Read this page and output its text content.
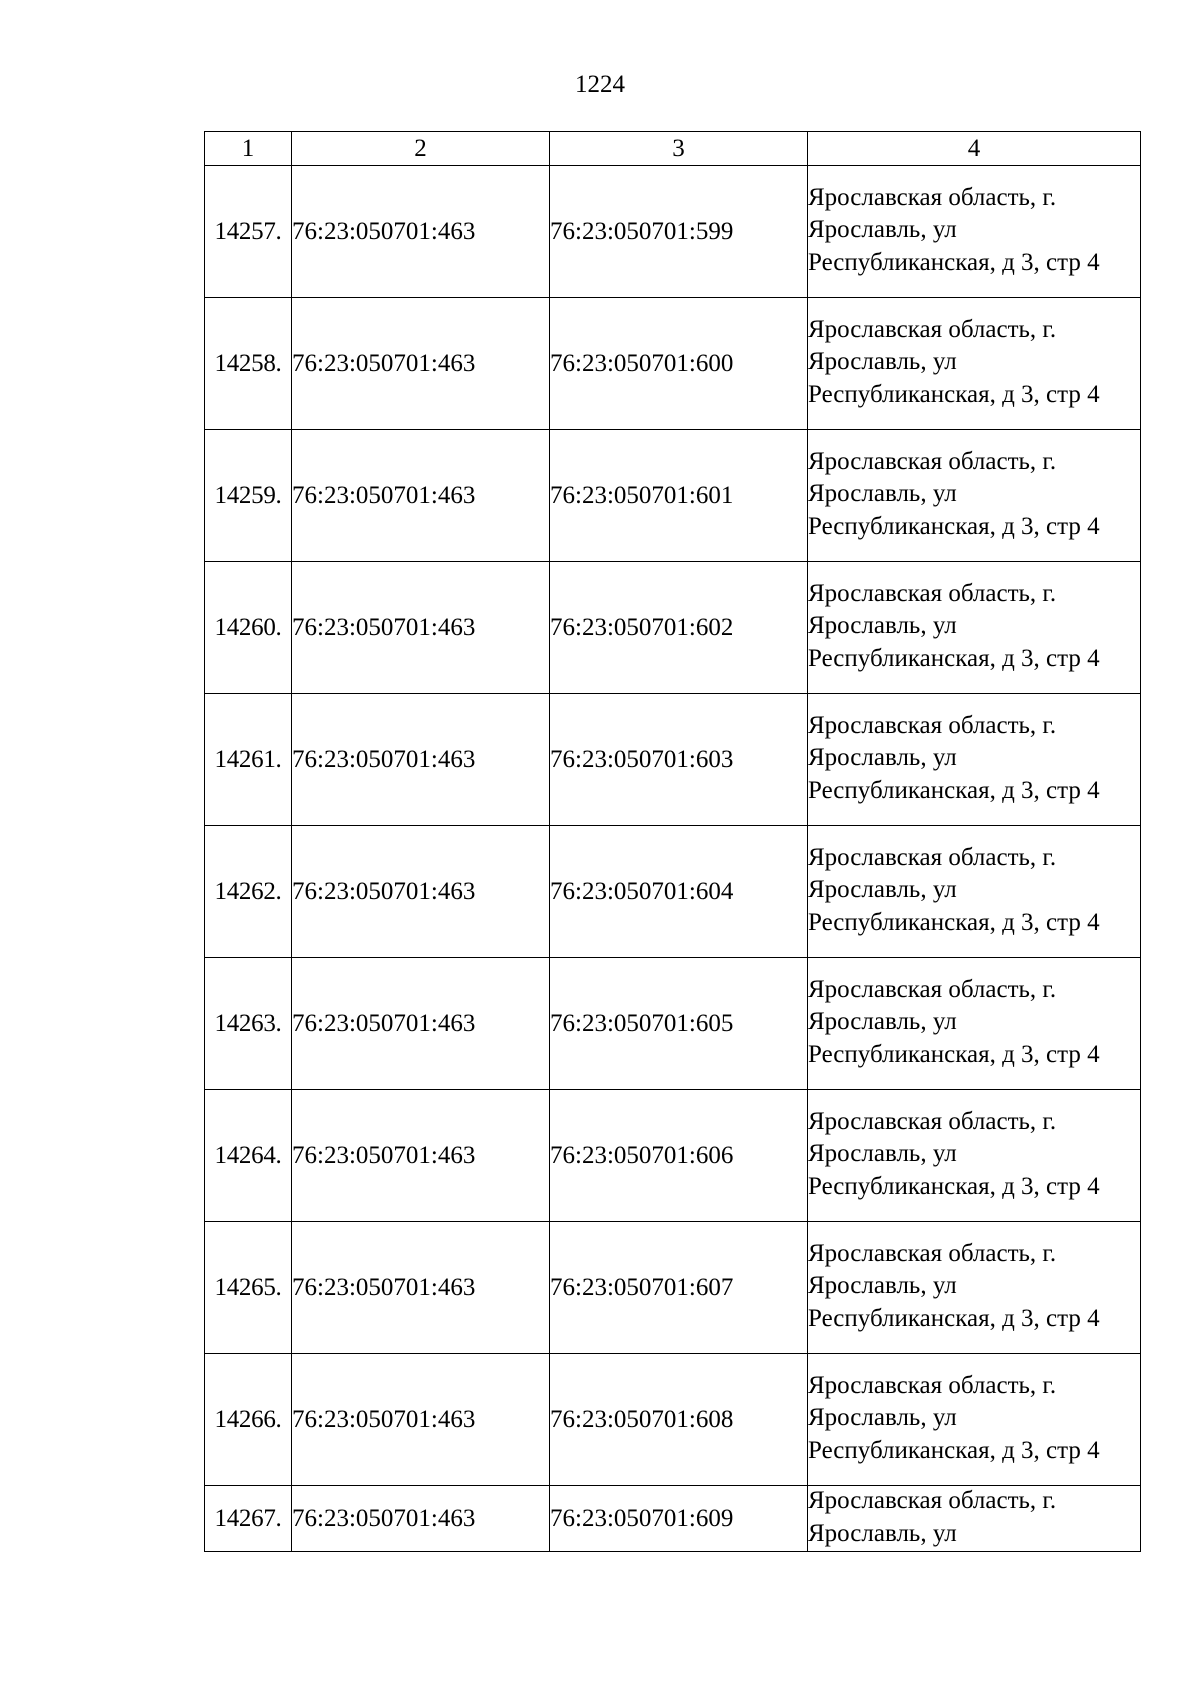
1224
1	2	3	4
14257.	76:23:050701:463	76:23:050701:599	Ярославская область, г. Ярославль, ул Республиканская, д 3, стр 4

14258.	76:23:050701:463	76:23:050701:600	Ярославская область, г. Ярославль, ул Республиканская, д 3, стр 4

14259.	76:23:050701:463	76:23:050701:601	Ярославская область, г. Ярославль, ул Республиканская, д 3, стр 4

14260.	76:23:050701:463	76:23:050701:602	Ярославская область, г. Ярославль, ул Республиканская, д 3, стр 4

14261.	76:23:050701:463	76:23:050701:603	Ярославская область, г. Ярославль, ул Республиканская, д 3, стр 4

14262.	76:23:050701:463	76:23:050701:604	Ярославская область, г. Ярославль, ул Республиканская, д 3, стр 4

14263.	76:23:050701:463	76:23:050701:605	Ярославская область, г. Ярославль, ул Республиканская, д 3, стр 4

14264.	76:23:050701:463	76:23:050701:606	Ярославская область, г. Ярославль, ул Республиканская, д 3, стр 4

14265.	76:23:050701:463	76:23:050701:607	Ярославская область, г. Ярославль, ул Республиканская, д 3, стр 4

14266.	76:23:050701:463	76:23:050701:608	Ярославская область, г. Ярославль, ул Республиканская, д 3, стр 4

14267.	76:23:050701:463	76:23:050701:609	Ярославская область, г. Ярославль, ул
